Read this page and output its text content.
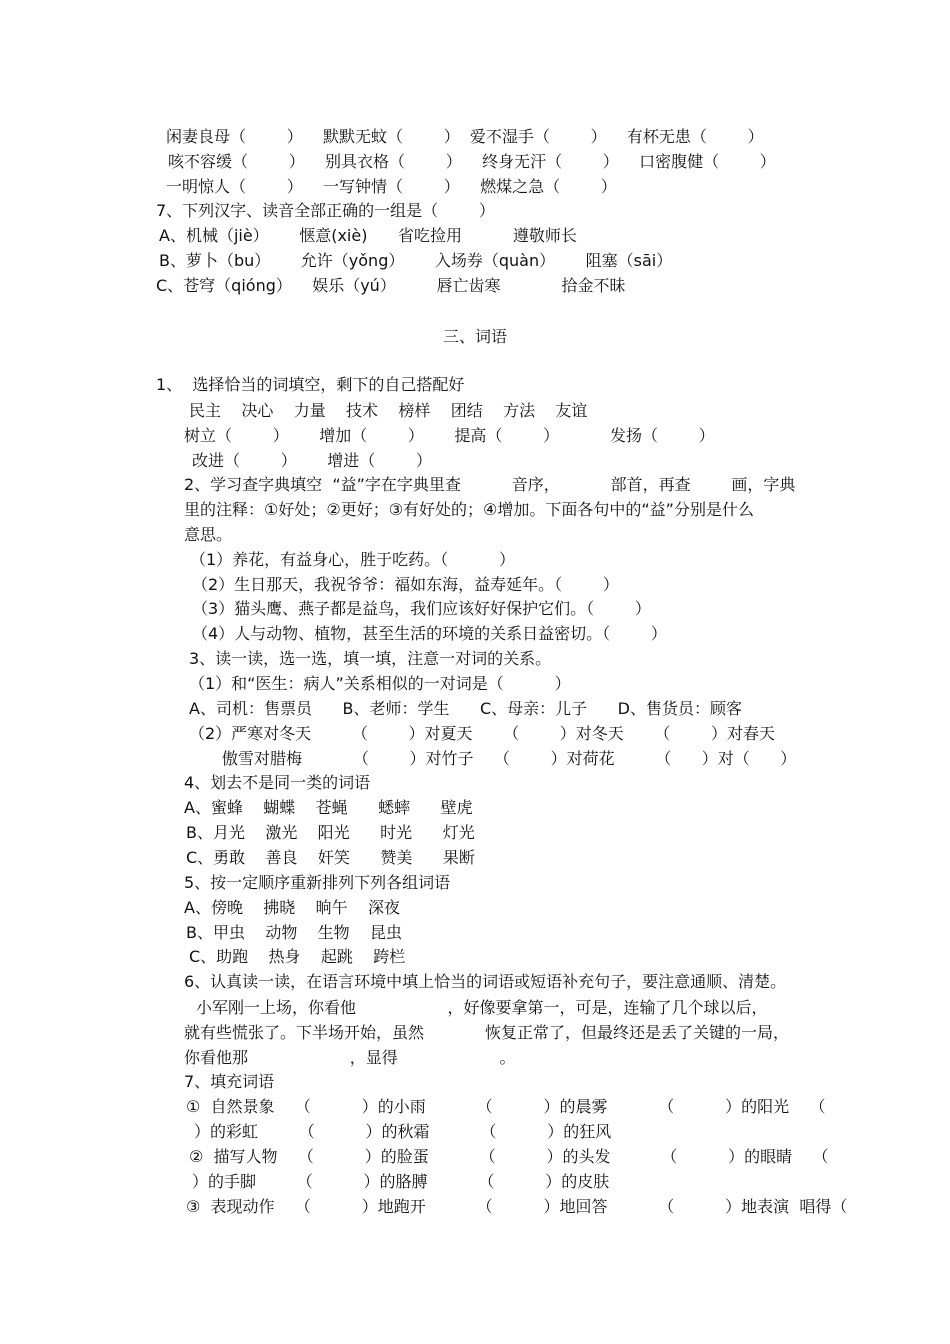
闲妻良母（        ）    默默无蚊（        ）  爱不湿手（        ）    有杯无患（        ）
咳不容缓（        ）    别具衣格（        ）    终身无汗（        ）    口密腹健（        ）
一明惊人（        ）    一写钟情（        ）    燃煤之急（        ）
7、下列汉字、读音全部正确的一组是（        ）
A、机械（jiè）      惬意(xiè)      省吃捡用          遵敬师长
B、萝卜（bu）      允许（yǒng）      入场券（quàn）      阻塞（sāi）
C、苍穹（qióng）    娱乐（yú）        唇亡齿寒            拾金不昧
三、词语
1、  选择恰当的词填空，剩下的自己搭配好
民主    决心    力量    技术    榜样    团结    方法    友谊
树立（        ）      增加（        ）      提高（        ）          发扬（        ）
改进（        ）      增进（        ）
2、学习查字典填空  “益”字在字典里查          音序，          部首，再查        画，字典
里的注释：①好处；②更好；③有好处的；④增加。下面各句中的“益”分别是什么
意思。
（1）养花，有益身心，胜于吃药。（          ）
（2）生日那天，我祝爷爷：福如东海，益寿延年。（        ）
（3）猫头鹰、燕子都是益鸟，我们应该好好保护它们。（        ）
（4）人与动物、植物，甚至生活的环境的关系日益密切。（        ）
3、读一读，选一选，填一填，注意一对词的关系。
（1）和“医生：病人”关系相似的一对词是（          ）
A、司机：售票员      B、老师：学生      C、母亲：儿子      D、售货员：顾客
（2）严寒对冬天        （        ）对夏天      （        ）对冬天      （        ）对春天
傲雪对腊梅          （        ）对竹子    （        ）对荷花        （      ）对（      ）
4、划去不是同一类的词语
A、蜜蜂    蝴蝶    苍蝇      蟋蟀      壁虎
B、月光    激光    阳光      时光      灯光
C、勇敢    善良    奸笑      赞美      果断
5、按一定顺序重新排列下列各组词语
A、傍晚    拂晓    晌午    深夜
B、甲虫    动物    生物    昆虫
C、助跑    热身    起跳    跨栏
6、认真读一读，在语言环境中填上恰当的词语或短语补充句子，要注意通顺、清楚。
小军刚一上场，你看他                  ，好像要拿第一，可是，连输了几个球以后，
就有些慌张了。下半场开始，虽然            恢复正常了，但最终还是丢了关键的一局，
你看他那                    ，显得                    。
7、填充词语
①  自然景象    （          ）的小雨          （          ）的晨雾          （          ）的阳光    （
）的彩虹        （          ）的秋霜          （          ）的狂风
②  描写人物    （          ）的脸蛋          （          ）的头发          （          ）的眼睛    （
）的手脚        （          ）的胳膊          （          ）的皮肤
③  表现动作    （          ）地跑开          （          ）地回答          （          ）地表演  唱得（
